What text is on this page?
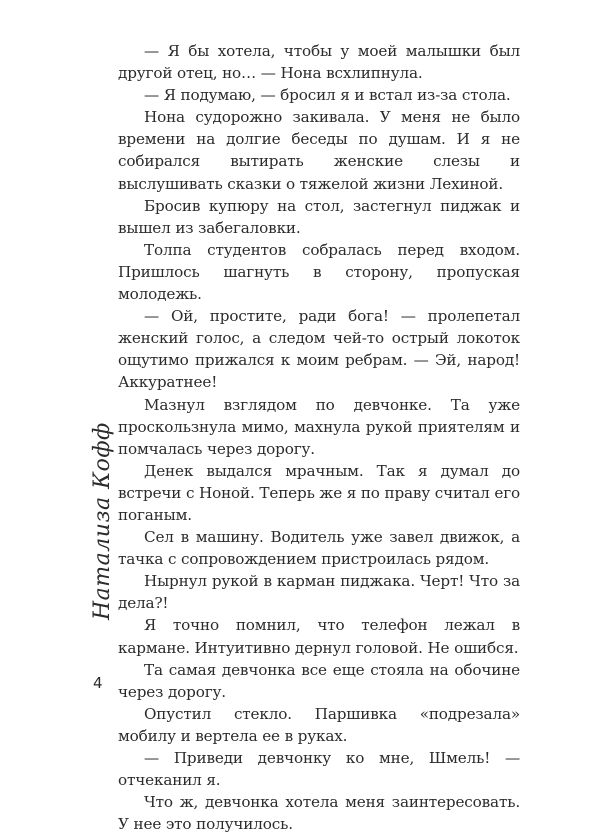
— Я бы хотела, чтобы у моей малышки был другой отец, но… — Нона всхлипнула.

— Я подумаю, — бросил я и встал из-за стола.

Нона судорожно закивала. У меня не было времени на долгие беседы по душам. И я не собирался вытирать женские слезы и выслушивать сказки о тяжелой жизни Лехиной.

Бросив купюру на стол, застегнул пиджак и вышел из забегаловки.

Толпа студентов собралась перед входом. Пришлось шагнуть в сторону, пропуская молодежь.

— Ой, простите, ради бога! — пролепетал женский голос, а следом чей-то острый локоток ощутимо прижался к моим ребрам. — Эй, народ! Аккуратнее!

Мазнул взглядом по девчонке. Та уже проскользнула мимо, махнула рукой приятелям и помчалась через дорогу.

Денек выдался мрачным. Так я думал до встречи с Ноной. Теперь же я по праву считал его поганым.

Сел в машину. Водитель уже завел движок, а тачка с сопровождением пристроилась рядом.

Нырнул рукой в карман пиджака. Черт! Что за дела?!

Я точно помнил, что телефон лежал в кармане. Интуитивно дернул головой. Не ошибся.

Та самая девчонка все еще стояла на обочине через дорогу.

Опустил стекло. Паршивка «подрезала» мобилу и вертела ее в руках.

— Приведи девчонку ко мне, Шмель! — отчеканил я.

Что ж, девчонка хотела меня заинтересовать. У нее это получилось.

Натализа Кофф
4
